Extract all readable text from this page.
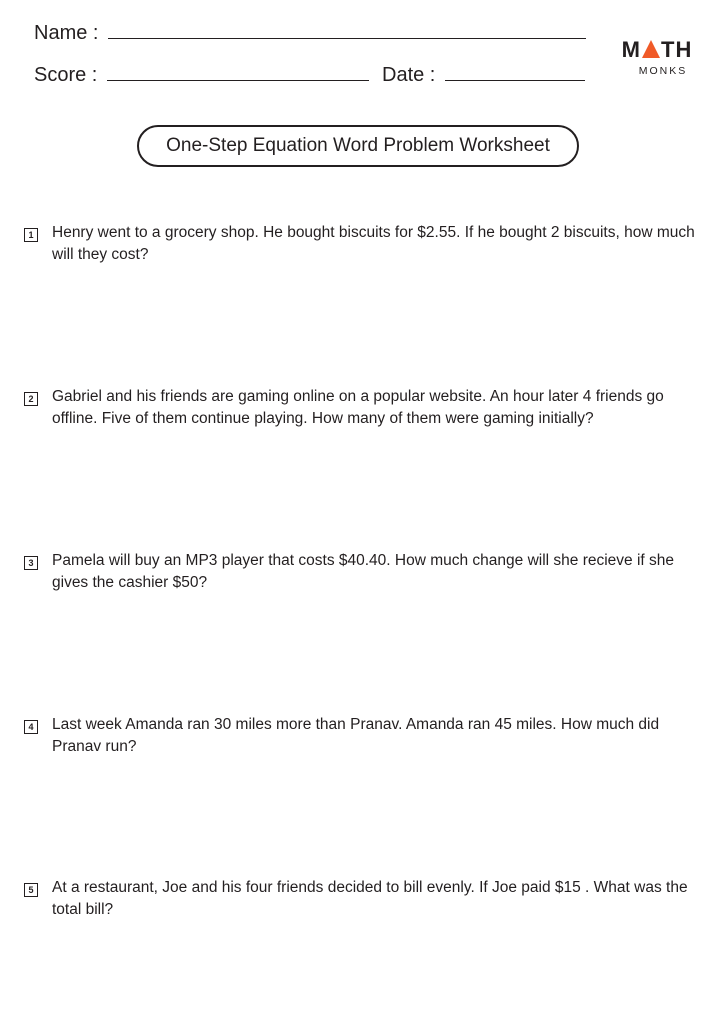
Name :
Score :	Date :
M TH
MONKS
One-Step Equation Word Problem Worksheet
1 Henry went to a grocery shop. He bought biscuits for $2.55. If he bought 2 biscuits, how much will they cost?
2 Gabriel and his friends are gaming online on a popular website. An hour later 4 friends go offline. Five of them continue playing. How many of them were gaming initially?
3 Pamela will buy an MP3 player that costs $40.40. How much change will she recieve if she gives the cashier $50?
4 Last week Amanda ran 30 miles more than Pranav. Amanda ran 45 miles. How much did Pranav run?
5 At a restaurant, Joe and his four friends decided to bill evenly. If Joe paid $15 . What was the total bill?
